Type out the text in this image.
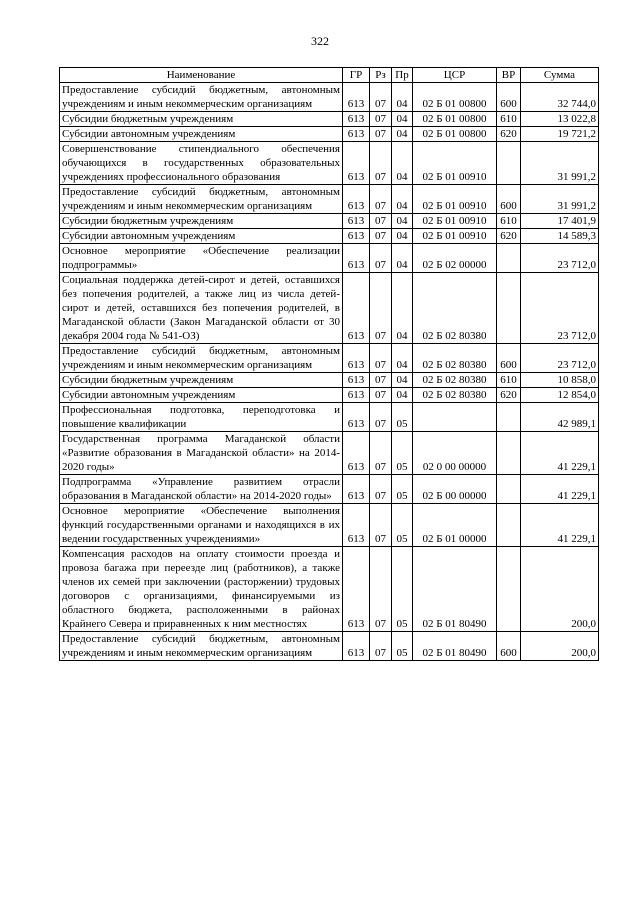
322
Наименование	ГР	Рз	Пр	ЦСР	ВР	Сумма
Предоставление субсидий бюджетным, автономным учреждениям и иным некоммерческим организациям	613	07	04	02 Б 01 00800	600	32 744,0
Субсидии бюджетным учреждениям	613	07	04	02 Б 01 00800	610	13 022,8
Субсидии автономным учреждениям	613	07	04	02 Б 01 00800	620	19 721,2
Совершенствование стипендиального обеспечения обучающихся в государственных образовательных учреждениях профессионального образования	613	07	04	02 Б 01 00910		31 991,2
Предоставление субсидий бюджетным, автономным учреждениям и иным некоммерческим организациям	613	07	04	02 Б 01 00910	600	31 991,2
Субсидии бюджетным учреждениям	613	07	04	02 Б 01 00910	610	17 401,9
Субсидии автономным учреждениям	613	07	04	02 Б 01 00910	620	14 589,3
Основное мероприятие «Обеспечение реализации подпрограммы»	613	07	04	02 Б 02 00000		23 712,0
Социальная поддержка детей-сирот и детей, оставшихся без попечения родителей, а также лиц из числа детей-сирот и детей, оставшихся без попечения родителей, в Магаданской области (Закон Магаданской области от 30 декабря 2004 года № 541-ОЗ)	613	07	04	02 Б 02 80380		23 712,0
Предоставление субсидий бюджетным, автономным учреждениям и иным некоммерческим организациям	613	07	04	02 Б 02 80380	600	23 712,0
Субсидии бюджетным учреждениям	613	07	04	02 Б 02 80380	610	10 858,0
Субсидии автономным учреждениям	613	07	04	02 Б 02 80380	620	12 854,0
Профессиональная подготовка, переподготовка и повышение квалификации	613	07	05			42 989,1
Государственная программа Магаданской области «Развитие образования в Магаданской области» на 2014-2020 годы»	613	07	05	02 0 00 00000		41 229,1
Подпрограмма «Управление развитием отрасли образования в Магаданской области» на 2014-2020 годы»	613	07	05	02 Б 00 00000		41 229,1
Основное мероприятие «Обеспечение выполнения функций государственными органами и находящихся в их ведении государственных учреждениями»	613	07	05	02 Б 01 00000		41 229,1
Компенсация расходов на оплату стоимости проезда и провоза багажа при переезде лиц (работников), а также членов их семей при заключении (расторжении) трудовых договоров с организациями, финансируемыми из областного бюджета, расположенными в районах Крайнего Севера и приравненных к ним местностях	613	07	05	02 Б 01 80490		200,0
Предоставление субсидий бюджетным, автономным учреждениям и иным некоммерческим организациям	613	07	05	02 Б 01 80490	600	200,0
